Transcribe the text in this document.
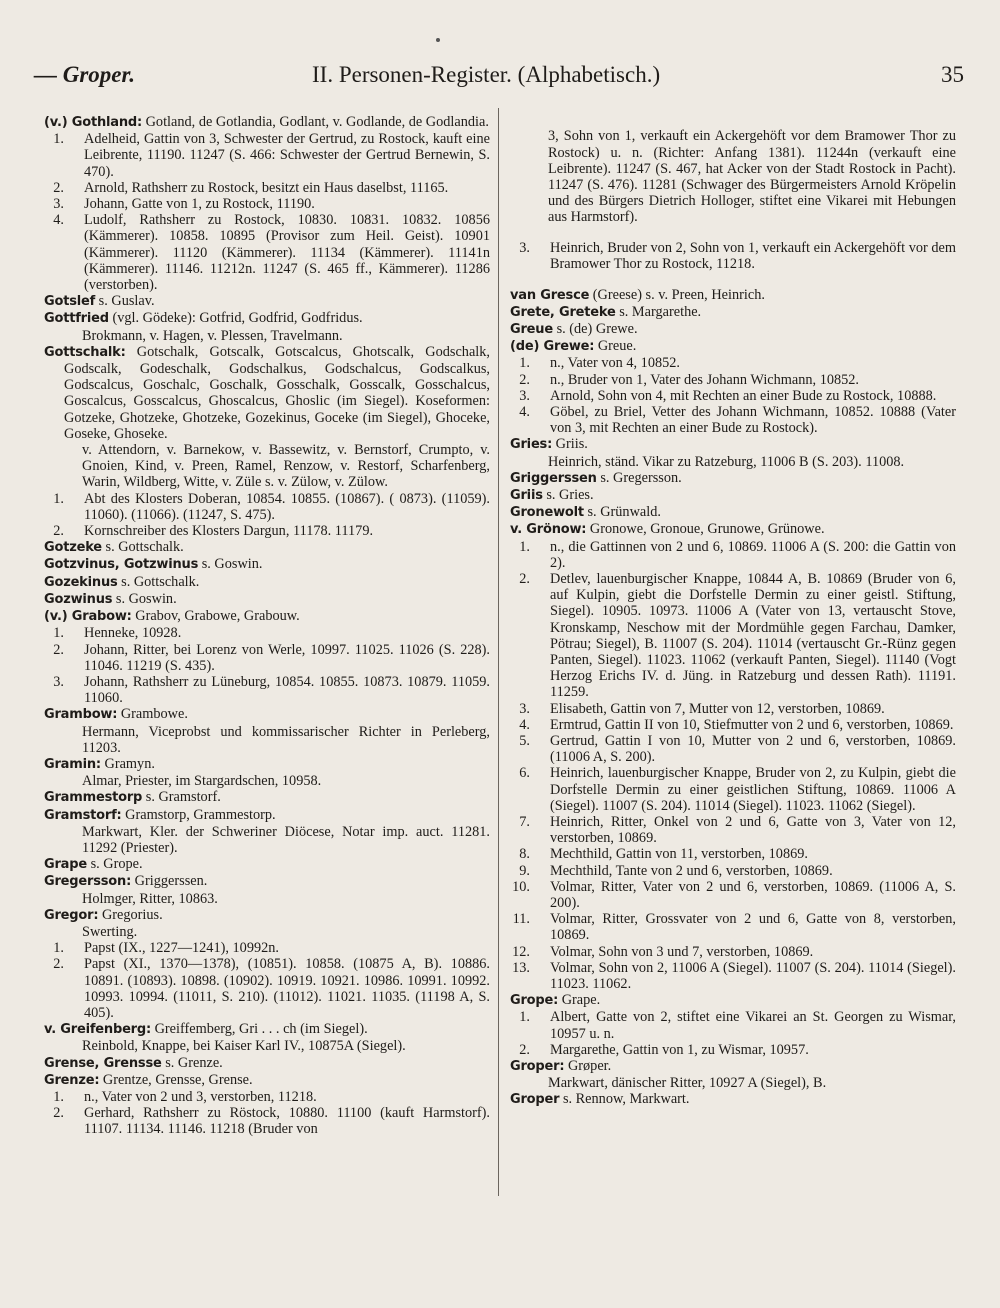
— Groper.	II. Personen-Register. (Alphabetisch.)	35

(v.) Gothland: Gotland, de Gotlandia, Godlant, v. Godlande, de Godlandia.

1. Adelheid, Gattin von 3, Schwester der Gertrud, zu Rostock, kauft eine Leibrente, 11190. 11247 (S. 466: Schwester der Gertrud Bernewin, S. 470).

2. Arnold, Rathsherr zu Rostock, besitzt ein Haus daselbst, 11165.

3. Johann, Gatte von 1, zu Rostock, 11190.

4. Ludolf, Rathsherr zu Rostock, 10830. 10831. 10832. 10856 (Kämmerer). 10858. 10895 (Provisor zum Heil. Geist). 10901 (Kämmerer). 11120 (Kämmerer). 11134 (Kämmerer). 11141n (Kämmerer). 11146. 11212n. 11247 (S. 465 ff., Kämmerer). 11286 (verstorben).

Gotslef s. Guslav.

Gottfried (vgl. Gödeke): Gotfrid, Godfrid, Godfridus.

Brokmann, v. Hagen, v. Plessen, Travelmann.

Gottschalk: Gotschalk, Gotscalk, Gotscalcus, Ghotscalk, Godschalk, Godscalk, Godeschalk, Godschalkus, Godschalcus, Godscalkus, Godscalcus, Goschalc, Goschalk, Gosschalk, Gosscalk, Gosschalcus, Goscalcus, Gosscalcus, Ghoscalcus, Ghoslic (im Siegel). Koseformen: Gotzeke, Ghotzeke, Ghotzeke, Gozekinus, Goceke (im Siegel), Ghoceke, Goseke, Ghoseke.

v. Attendorn, v. Barnekow, v. Bassewitz, v. Bernstorf, Crumpto, v. Gnoien, Kind, v. Preen, Ramel, Renzow, v. Restorf, Scharfenberg, Warin, Wildberg, Witte, v. Züle s. v. Zülow, v. Zülow.

1. Abt des Klosters Doberan, 10854. 10855. (10867). ( 0873). (11059). 11060). (11066). (11247, S. 475).

2. Kornschreiber des Klosters Dargun, 11178. 11179.

Gotzeke s. Gottschalk.

Gotzvinus, Gotzwinus s. Goswin.

Gozekinus s. Gottschalk.

Gozwinus s. Goswin.

(v.) Grabow: Grabov, Grabowe, Grabouw.

1. Henneke, 10928.

2. Johann, Ritter, bei Lorenz von Werle, 10997. 11025. 11026 (S. 228). 11046. 11219 (S. 435).

3. Johann, Rathsherr zu Lüneburg, 10854. 10855. 10873. 10879. 11059. 11060.

Grambow: Grambowe.

Hermann, Viceprobst und kommissarischer Richter in Perleberg, 11203.

Gramin: Gramyn.

Almar, Priester, im Stargardschen, 10958.

Grammestorp s. Gramstorf.

Gramstorf: Gramstorp, Grammestorp.

Markwart, Kler. der Schweriner Diöcese, Notar imp. auct. 11281. 11292 (Priester).

Grape s. Grope.

Gregersson: Griggerssen.

Holmger, Ritter, 10863.

Gregor: Gregorius.

Swerting.

1. Papst (IX., 1227—1241), 10992n.

2. Papst (XI., 1370—1378), (10851). 10858. (10875 A, B). 10886. 10891. (10893). 10898. (10902). 10919. 10921. 10986. 10991. 10992. 10993. 10994. (11011, S. 210). (11012). 11021. 11035. (11198 A, S. 405).

v. Greifenberg: Greiffemberg, Gri . . . ch (im Siegel).

Reinbold, Knappe, bei Kaiser Karl IV., 10875A (Siegel).

Grense, Grensse s. Grenze.

Grenze: Grentze, Grensse, Grense.

1. n., Vater von 2 und 3, verstorben, 11218.

2. Gerhard, Rathsherr zu Röstock, 10880. 11100 (kauft Harmstorf). 11107. 11134. 11146. 11218 (Bruder von

3, Sohn von 1, verkauft ein Ackergehöft vor dem Bramower Thor zu Rostock) u. n. (Richter: Anfang 1381). 11244n (verkauft eine Leibrente). 11247 (S. 467, hat Acker von der Stadt Rostock in Pacht). 11247 (S. 476). 11281 (Schwager des Bürgermeisters Arnold Kröpelin und des Bürgers Dietrich Holloger, stiftet eine Vikarei mit Hebungen aus Harmstorf).

3. Heinrich, Bruder von 2, Sohn von 1, verkauft ein Ackergehöft vor dem Bramower Thor zu Rostock, 11218.

van Gresce (Greese) s. v. Preen, Heinrich.

Grete, Greteke s. Margarethe.

Greue s. (de) Grewe.

(de) Grewe: Greue.

1. n., Vater von 4, 10852.

2. n., Bruder von 1, Vater des Johann Wichmann, 10852.

3. Arnold, Sohn von 4, mit Rechten an einer Bude zu Rostock, 10888.

4. Göbel, zu Briel, Vetter des Johann Wichmann, 10852. 10888 (Vater von 3, mit Rechten an einer Bude zu Rostock).

Gries: Griis.

Heinrich, ständ. Vikar zu Ratzeburg, 11006 B (S. 203). 11008.

Griggerssen s. Gregersson.

Griis s. Gries.

Gronewolt s. Grünwald.

v. Grönow: Gronowe, Gronoue, Grunowe, Grünowe.

1. n., die Gattinnen von 2 und 6, 10869. 11006 A (S. 200: die Gattin von 2).

2. Detlev, lauenburgischer Knappe, 10844 A, B. 10869 (Bruder von 6, auf Kulpin, giebt die Dorfstelle Dermin zu einer geistl. Stiftung, Siegel). 10905. 10973. 11006 A (Vater von 13, vertauscht Stove, Kronskamp, Neschow mit der Mordmühle gegen Farchau, Damker, Pötrau; Siegel), B. 11007 (S. 204). 11014 (vertauscht Gr.-Rünz gegen Panten, Siegel). 11023. 11062 (verkauft Panten, Siegel). 11140 (Vogt Herzog Erichs IV. d. Jüng. in Ratzeburg und dessen Rath). 11191. 11259.

3. Elisabeth, Gattin von 7, Mutter von 12, verstorben, 10869.

4. Ermtrud, Gattin II von 10, Stiefmutter von 2 und 6, verstorben, 10869.

5. Gertrud, Gattin I von 10, Mutter von 2 und 6, verstorben, 10869. (11006 A, S. 200).

6. Heinrich, lauenburgischer Knappe, Bruder von 2, zu Kulpin, giebt die Dorfstelle Dermin zu einer geistlichen Stiftung, 10869. 11006 A (Siegel). 11007 (S. 204). 11014 (Siegel). 11023. 11062 (Siegel).

7. Heinrich, Ritter, Onkel von 2 und 6, Gatte von 3, Vater von 12, verstorben, 10869.

8. Mechthild, Gattin von 11, verstorben, 10869.

9. Mechthild, Tante von 2 und 6, verstorben, 10869.

10. Volmar, Ritter, Vater von 2 und 6, verstorben, 10869. (11006 A, S. 200).

11. Volmar, Ritter, Grossvater von 2 und 6, Gatte von 8, verstorben, 10869.

12. Volmar, Sohn von 3 und 7, verstorben, 10869.

13. Volmar, Sohn von 2, 11006 A (Siegel). 11007 (S. 204). 11014 (Siegel). 11023. 11062.

Grope: Grape.

1. Albert, Gatte von 2, stiftet eine Vikarei an St. Georgen zu Wismar, 10957 u. n.

2. Margarethe, Gattin von 1, zu Wismar, 10957.

Groper: Grøper.

Markwart, dänischer Ritter, 10927 A (Siegel), B.

Groper s. Rennow, Markwart.
